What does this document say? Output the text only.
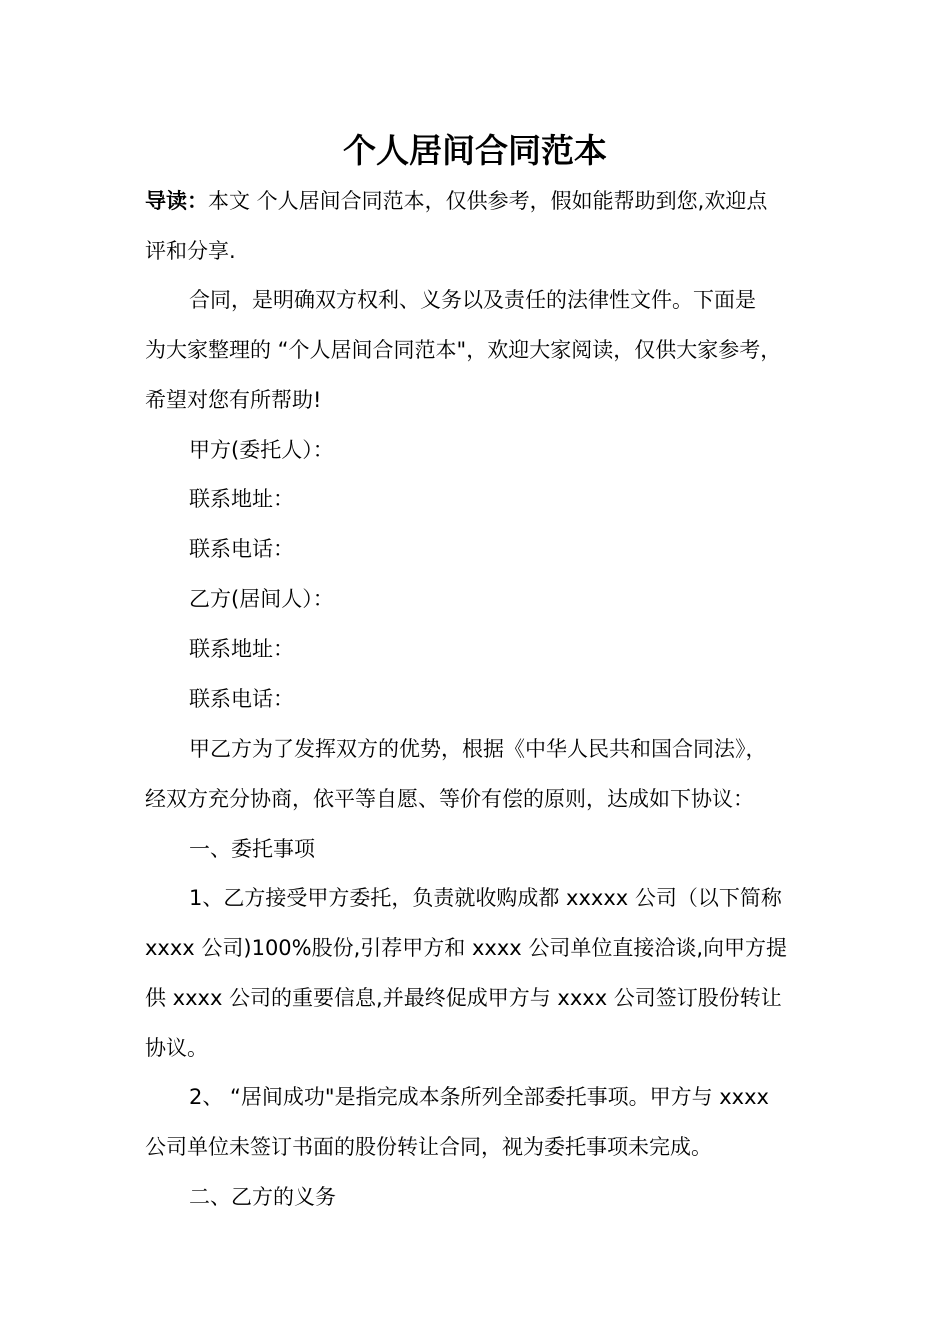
个人居间合同范本

导读：本文 个人居间合同范本，仅供参考，假如能帮助到您,欢迎点

评和分享.

合同，是明确双方权利、义务以及责任的法律性文件。下面是

为大家整理的 “个人居间合同范本"，欢迎大家阅读，仅供大家参考，

希望对您有所帮助!

甲方(委托人）：

联系地址：

联系电话：

乙方(居间人）：

联系地址：

联系电话：

甲乙方为了发挥双方的优势，根据《中华人民共和国合同法》，

经双方充分协商，依平等自愿、等价有偿的原则，达成如下协议：

一、委托事项

1、乙方接受甲方委托，负责就收购成都 xxxxx 公司（以下简称

xxxx 公司)100%股份,引荐甲方和 xxxx 公司单位直接洽谈,向甲方提

供 xxxx 公司的重要信息,并最终促成甲方与 xxxx 公司签订股份转让

协议。

2、 “居间成功"是指完成本条所列全部委托事项。甲方与 xxxx

公司单位未签订书面的股份转让合同，视为委托事项未完成。

二、乙方的义务
